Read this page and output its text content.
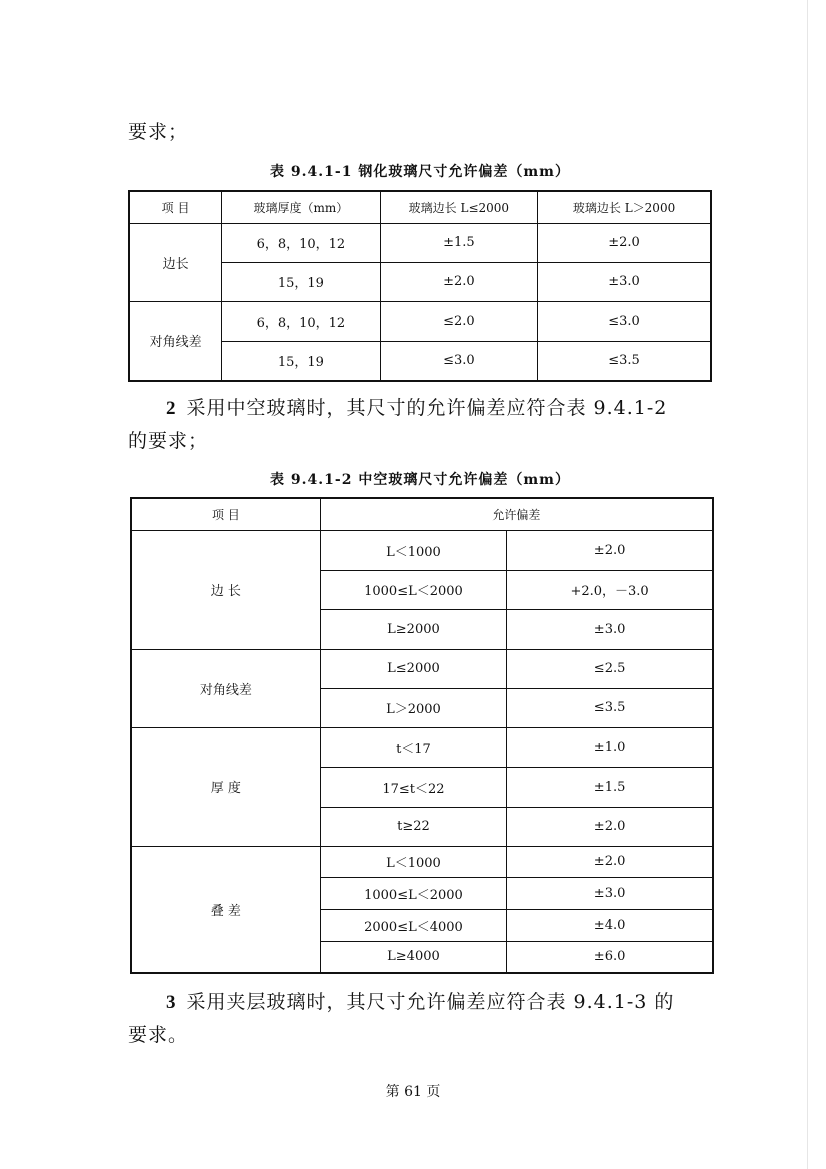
要求；
表 9.4.1-1 钢化玻璃尺寸允许偏差（mm）
项 目	玻璃厚度（mm）	玻璃边长 L≤2000	玻璃边长 L＞2000
边长	6，8，10，12	±1.5	±2.0
	15，19	±2.0	±3.0
对角线差	6，8，10，12	≤2.0	≤3.0
	15，19	≤3.0	≤3.5
2 采用中空玻璃时，其尺寸的允许偏差应符合表 9.4.1-2
的要求；
表 9.4.1-2 中空玻璃尺寸允许偏差（mm）
项 目	允许偏差	
边 长	L＜1000	±2.0
	1000≤L＜2000	+2.0，－3.0
	L≥2000	±3.0
对角线差	L≤2000	≤2.5
	L＞2000	≤3.5
厚 度	t＜17	±1.0
	17≤t＜22	±1.5
	t≥22	±2.0
叠 差	L＜1000	±2.0
	1000≤L＜2000	±3.0
	2000≤L＜4000	±4.0
	L≥4000	±6.0
3 采用夹层玻璃时，其尺寸允许偏差应符合表 9.4.1-3 的
要求。
第 61 页
